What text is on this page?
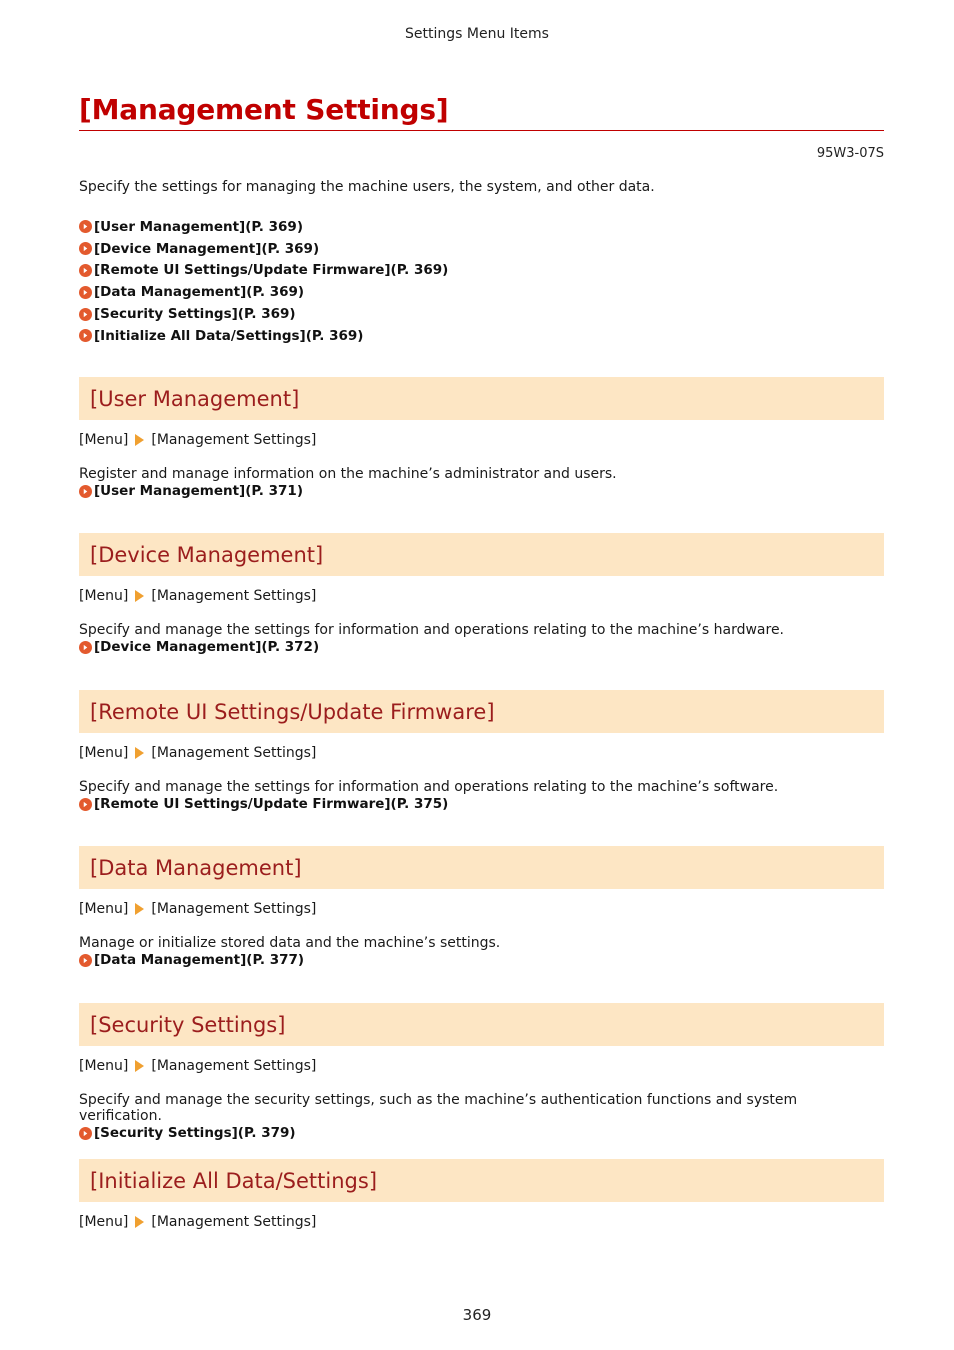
Settings Menu Items
[Management Settings]
95W3-07S
Specify the settings for managing the machine users, the system, and other data.
[User Management](P. 369)
[Device Management](P. 369)
[Remote UI Settings/Update Firmware](P. 369)
[Data Management](P. 369)
[Security Settings](P. 369)
[Initialize All Data/Settings](P. 369)
[User Management]
[Menu] [Management Settings]
Register and manage information on the machine’s administrator and users.
[User Management](P. 371)
[Device Management]
[Menu] [Management Settings]
Specify and manage the settings for information and operations relating to the machine’s hardware.
[Device Management](P. 372)
[Remote UI Settings/Update Firmware]
[Menu] [Management Settings]
Specify and manage the settings for information and operations relating to the machine’s software.
[Remote UI Settings/Update Firmware](P. 375)
[Data Management]
[Menu] [Management Settings]
Manage or initialize stored data and the machine’s settings.
[Data Management](P. 377)
[Security Settings]
[Menu] [Management Settings]
Specify and manage the security settings, such as the machine’s authentication functions and system verification.
[Security Settings](P. 379)
[Initialize All Data/Settings]
[Menu] [Management Settings]
369
